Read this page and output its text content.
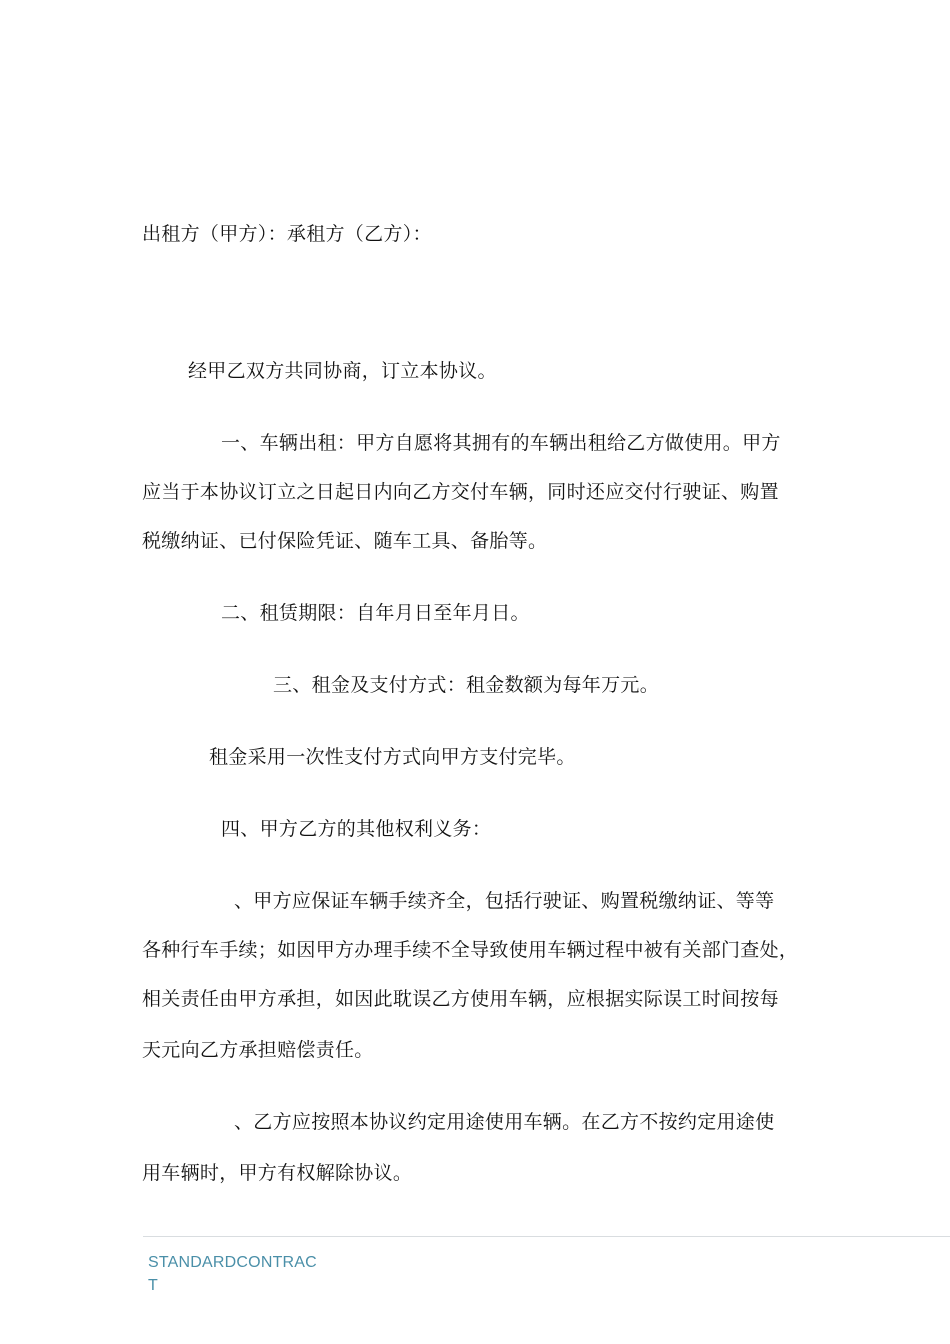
出租方（甲方）：承租方（乙方）：
经甲乙双方共同协商，订立本协议。
一、车辆出租：甲方自愿将其拥有的车辆出租给乙方做使用。甲方
应当于本协议订立之日起日内向乙方交付车辆，同时还应交付行驶证、购置
税缴纳证、已付保险凭证、随车工具、备胎等。
二、租赁期限：自年月日至年月日。
三、租金及支付方式：租金数额为每年万元。
租金采用一次性支付方式向甲方支付完毕。
四、甲方乙方的其他权利义务：
、甲方应保证车辆手续齐全，包括行驶证、购置税缴纳证、等等
各种行车手续；如因甲方办理手续不全导致使用车辆过程中被有关部门查处，
相关责任由甲方承担，如因此耽误乙方使用车辆，应根据实际误工时间按每
天元向乙方承担赔偿责任。
、乙方应按照本协议约定用途使用车辆。在乙方不按约定用途使
用车辆时，甲方有权解除协议。
STANDARDCONTRAC
T
